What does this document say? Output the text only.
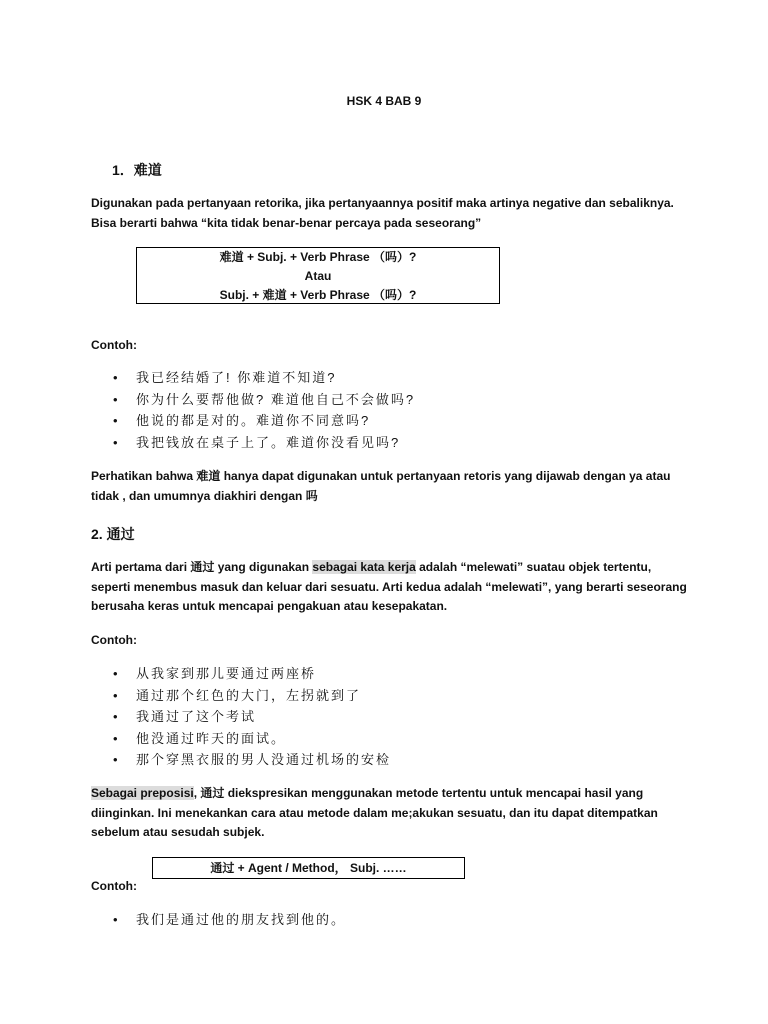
HSK 4 BAB 9
1．难道
Digunakan pada pertanyaan retorika, jika pertanyaannya positif maka artinya negative dan sebaliknya.
Bisa berarti bahwa “kita tidak benar-benar percaya pada seseorang”
难道 + Subj. + Verb Phrase （吗）?
Atau
Subj. + 难道 + Verb Phrase （吗）?
Contoh:
• 我已经结婚了! 你难道不知道?
• 你为什么要帮他做? 难道他自己不会做吗?
• 他说的都是对的。难道你不同意吗?
• 我把钱放在桌子上了。难道你没看见吗?
Perhatikan bahwa 难道 hanya dapat digunakan untuk pertanyaan retoris yang dijawab dengan ya atau
tidak , dan umumnya diakhiri dengan 吗
2. 通过
Arti pertama dari 通过 yang digunakan sebagai kata kerja adalah “melewati” suatau objek tertentu,
seperti menembus masuk dan keluar dari sesuatu. Arti kedua adalah “melewati”, yang berarti seseorang
berusaha keras untuk mencapai pengakuan atau kesepakatan.
Contoh:
• 从我家到那儿要通过两座桥
• 通过那个红色的大门，左拐就到了
• 我通过了这个考试
• 他没通过昨天的面试。
• 那个穿黑衣服的男人没通过机场的安检
Sebagai preposisi, 通过 diekspresikan menggunakan metode tertentu untuk mencapai hasil yang
diinginkan. Ini menekankan cara atau metode dalam me;akukan sesuatu, dan itu dapat ditempatkan
sebelum atau sesudah subjek.
通过 + Agent / Method， Subj. ……
Contoh:
• 我们是通过他的朋友找到他的。
